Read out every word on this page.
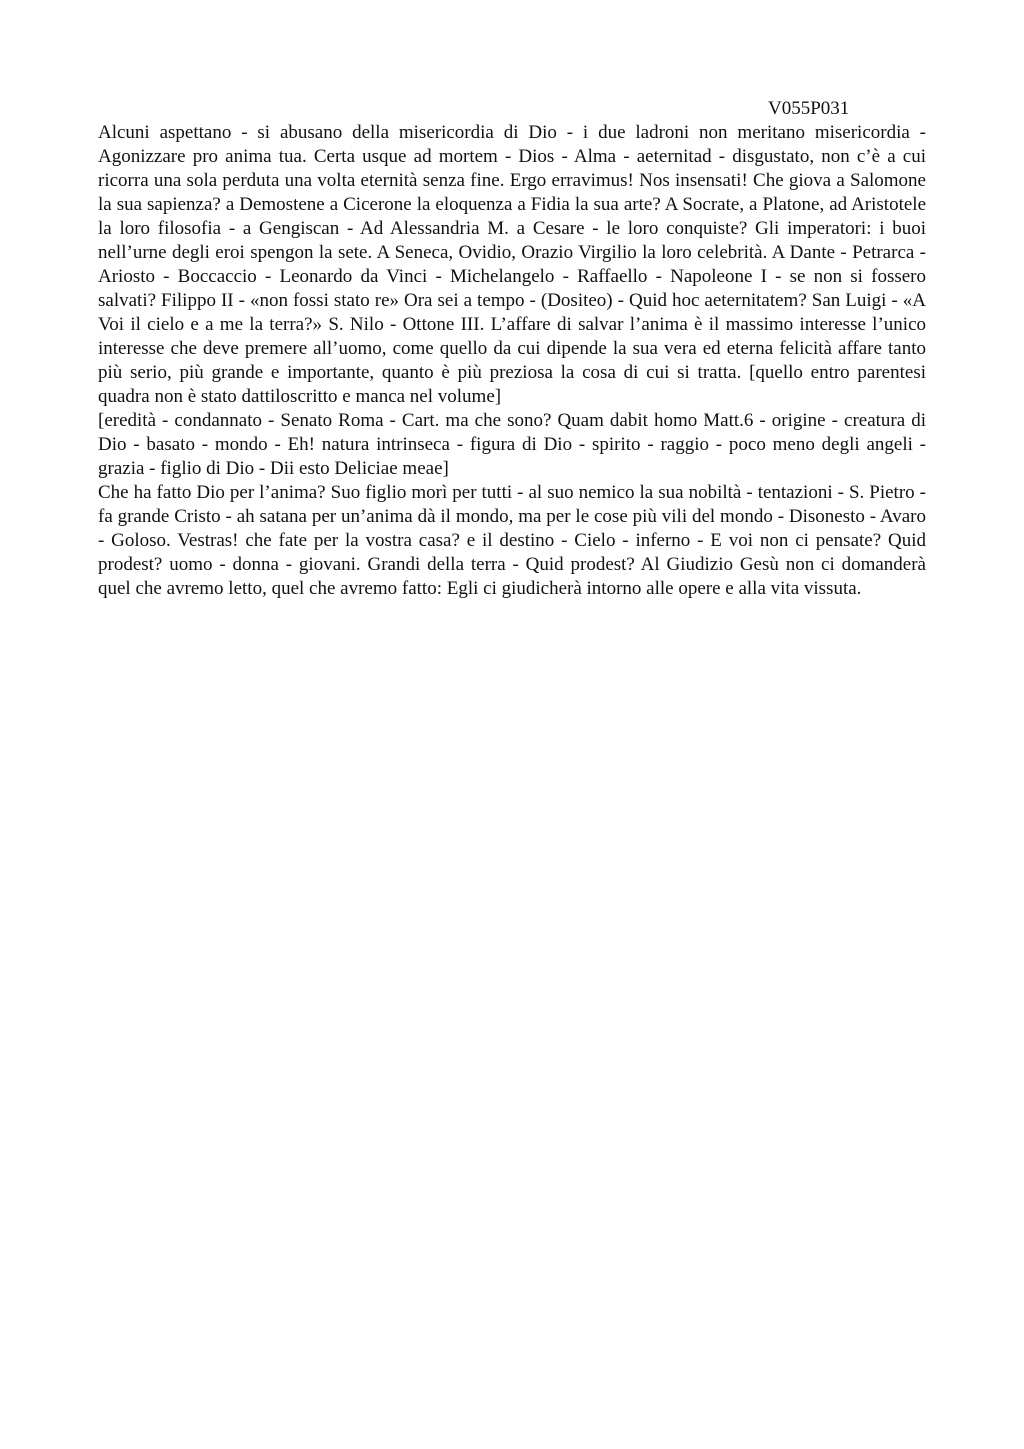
V055P031

Alcuni aspettano - si abusano della misericordia di Dio - i due ladroni non meritano misericordia - Agonizzare pro anima tua. Certa usque ad mortem - Dios - Alma - aeternitad - disgustato, non c’è a cui ricorra una sola perduta una volta eternità senza fine. Ergo erravimus! Nos insensati! Che giova a Salomone la sua sapienza? a Demostene a Cicerone la eloquenza a Fidia la sua arte? A Socrate, a Platone, ad Aristotele la loro filosofia - a Gengiscan - Ad Alessandria M. a Cesare - le loro conquiste? Gli imperatori: i buoi nell’urne degli eroi spengon la sete. A Seneca, Ovidio, Orazio Virgilio la loro celebrità. A Dante - Petrarca - Ariosto - Boccaccio - Leonardo da Vinci - Michelangelo - Raffaello - Napoleone I - se non si fossero salvati? Filippo II - «non fossi stato re» Ora sei a tempo - (Dositeo) - Quid hoc aeternitatem? San Luigi - «A Voi il cielo e a me la terra?» S. Nilo - Ottone III. L’affare di salvar l’anima è il massimo interesse l’unico interesse che deve premere all’uomo, come quello da cui dipende la sua vera ed eterna felicità affare tanto più serio, più grande e importante, quanto è più preziosa la cosa di cui si tratta. [quello entro parentesi quadra non è stato dattiloscritto e manca nel volume]

[eredità - condannato - Senato Roma - Cart. ma che sono? Quam dabit homo Matt.6 - origine - creatura di Dio - basato - mondo - Eh! natura intrinseca - figura di Dio - spirito - raggio - poco meno degli angeli - grazia - figlio di Dio - Dii esto Deliciae meae]

Che ha fatto Dio per l’anima? Suo figlio morì per tutti - al suo nemico la sua nobiltà - tentazioni - S. Pietro - fa grande Cristo - ah satana per un’anima dà il mondo, ma per le cose più vili del mondo - Disonesto - Avaro - Goloso. Vestras! che fate per la vostra casa? e il destino - Cielo - inferno - E voi non ci pensate? Quid prodest? uomo - donna - giovani. Grandi della terra - Quid prodest? Al Giudizio Gesù non ci domanderà quel che avremo letto, quel che avremo fatto: Egli ci giudicherà intorno alle opere e alla vita vissuta.
